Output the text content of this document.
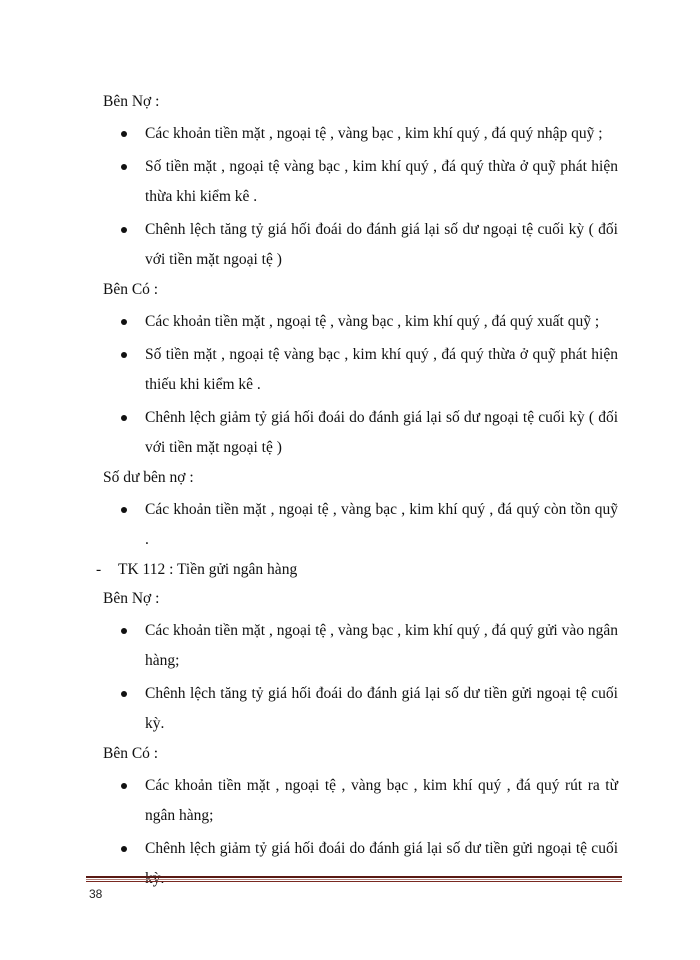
Bên Nợ :

Các khoản tiền mặt , ngoại tệ , vàng bạc , kim khí quý , đá quý nhập quỹ ;
Số tiền mặt , ngoại tệ vàng bạc , kim khí quý , đá quý thừa ở quỹ phát hiện thừa khi kiểm kê .
Chênh lệch tăng tỷ giá hối đoái do đánh giá lại số dư ngoại tệ cuối kỳ ( đối với tiền mặt ngoại tệ )

Bên Có :

Các khoản tiền mặt , ngoại tệ , vàng bạc , kim khí quý , đá quý xuất quỹ ;
Số tiền mặt , ngoại tệ vàng bạc , kim khí quý , đá quý thừa ở quỹ phát hiện thiếu khi kiểm kê .
Chênh lệch giảm tỷ giá hối đoái do đánh giá lại số dư ngoại tệ cuối kỳ ( đối với tiền mặt ngoại tệ )

Số dư bên nợ :

Các khoản tiền mặt , ngoại tệ , vàng bạc , kim khí quý , đá quý còn tồn quỹ .

- TK 112 : Tiền gửi ngân hàng

Bên Nợ :

Các khoản tiền mặt , ngoại tệ , vàng bạc , kim khí quý , đá quý gửi vào ngân hàng;
Chênh lệch tăng tỷ giá hối đoái do đánh giá lại số dư tiền gửi ngoại tệ cuối kỳ.

Bên Có :

Các khoản tiền mặt , ngoại tệ , vàng bạc , kim khí quý , đá quý rút ra từ ngân hàng;
Chênh lệch giảm tỷ giá hối đoái do đánh giá lại số dư tiền gửi ngoại tệ cuối
38
